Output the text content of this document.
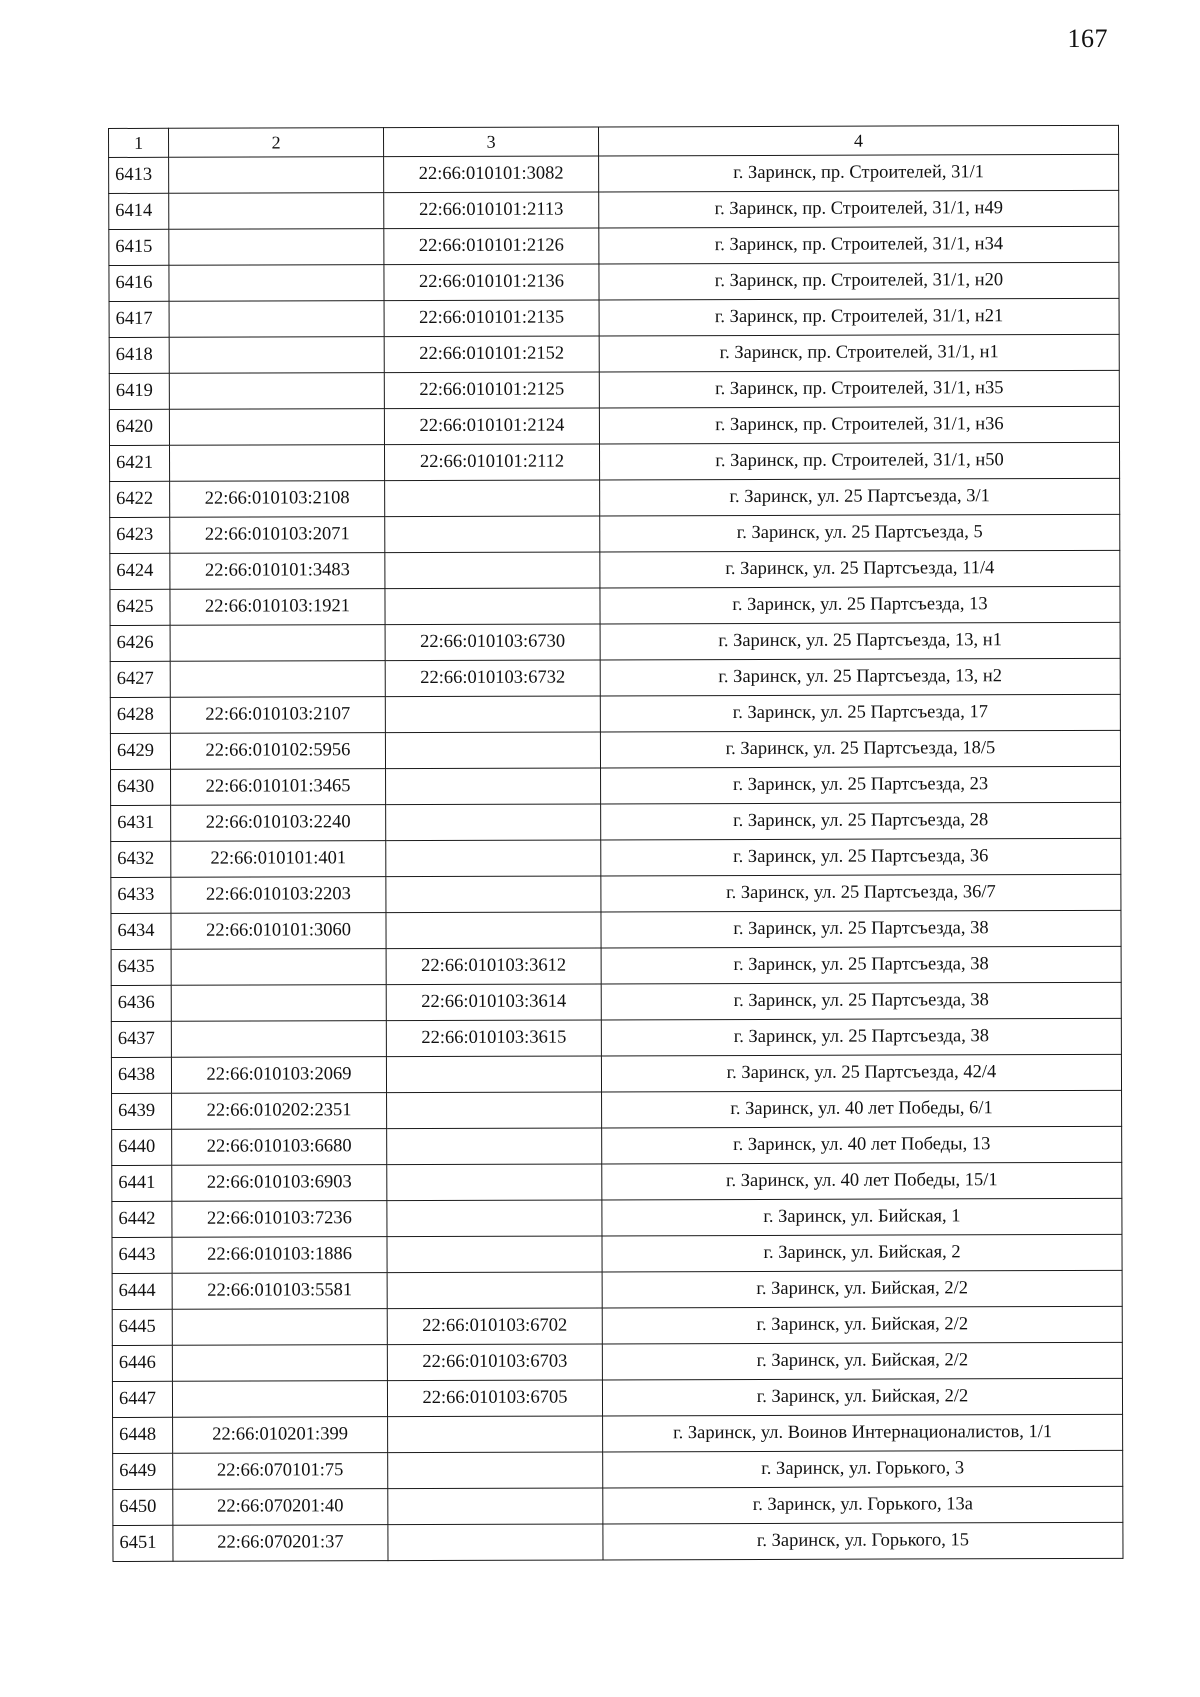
167
1	2	3	4
6413		22:66:010101:3082	г. Заринск, пр. Строителей, 31/1
6414		22:66:010101:2113	г. Заринск, пр. Строителей, 31/1, н49
6415		22:66:010101:2126	г. Заринск, пр. Строителей, 31/1, н34
6416		22:66:010101:2136	г. Заринск, пр. Строителей, 31/1, н20
6417		22:66:010101:2135	г. Заринск, пр. Строителей, 31/1, н21
6418		22:66:010101:2152	г. Заринск, пр. Строителей, 31/1, н1
6419		22:66:010101:2125	г. Заринск, пр. Строителей, 31/1, н35
6420		22:66:010101:2124	г. Заринск, пр. Строителей, 31/1, н36
6421		22:66:010101:2112	г. Заринск, пр. Строителей, 31/1, н50
6422	22:66:010103:2108		г. Заринск, ул. 25 Партсъезда, 3/1
6423	22:66:010103:2071		г. Заринск, ул. 25 Партсъезда, 5
6424	22:66:010101:3483		г. Заринск, ул. 25 Партсъезда, 11/4
6425	22:66:010103:1921		г. Заринск, ул. 25 Партсъезда, 13
6426		22:66:010103:6730	г. Заринск, ул. 25 Партсъезда, 13, н1
6427		22:66:010103:6732	г. Заринск, ул. 25 Партсъезда, 13, н2
6428	22:66:010103:2107		г. Заринск, ул. 25 Партсъезда, 17
6429	22:66:010102:5956		г. Заринск, ул. 25 Партсъезда, 18/5
6430	22:66:010101:3465		г. Заринск, ул. 25 Партсъезда, 23
6431	22:66:010103:2240		г. Заринск, ул. 25 Партсъезда, 28
6432	22:66:010101:401		г. Заринск, ул. 25 Партсъезда, 36
6433	22:66:010103:2203		г. Заринск, ул. 25 Партсъезда, 36/7
6434	22:66:010101:3060		г. Заринск, ул. 25 Партсъезда, 38
6435		22:66:010103:3612	г. Заринск, ул. 25 Партсъезда, 38
6436		22:66:010103:3614	г. Заринск, ул. 25 Партсъезда, 38
6437		22:66:010103:3615	г. Заринск, ул. 25 Партсъезда, 38
6438	22:66:010103:2069		г. Заринск, ул. 25 Партсъезда, 42/4
6439	22:66:010202:2351		г. Заринск, ул. 40 лет Победы, 6/1
6440	22:66:010103:6680		г. Заринск, ул. 40 лет Победы, 13
6441	22:66:010103:6903		г. Заринск, ул. 40 лет Победы, 15/1
6442	22:66:010103:7236		г. Заринск, ул. Бийская, 1
6443	22:66:010103:1886		г. Заринск, ул. Бийская, 2
6444	22:66:010103:5581		г. Заринск, ул. Бийская, 2/2
6445		22:66:010103:6702	г. Заринск, ул. Бийская, 2/2
6446		22:66:010103:6703	г. Заринск, ул. Бийская, 2/2
6447		22:66:010103:6705	г. Заринск, ул. Бийская, 2/2
6448	22:66:010201:399		г. Заринск, ул. Воинов Интернационалистов, 1/1
6449	22:66:070101:75		г. Заринск, ул. Горького, 3
6450	22:66:070201:40		г. Заринск, ул. Горького, 13а
6451	22:66:070201:37		г. Заринск, ул. Горького, 15
